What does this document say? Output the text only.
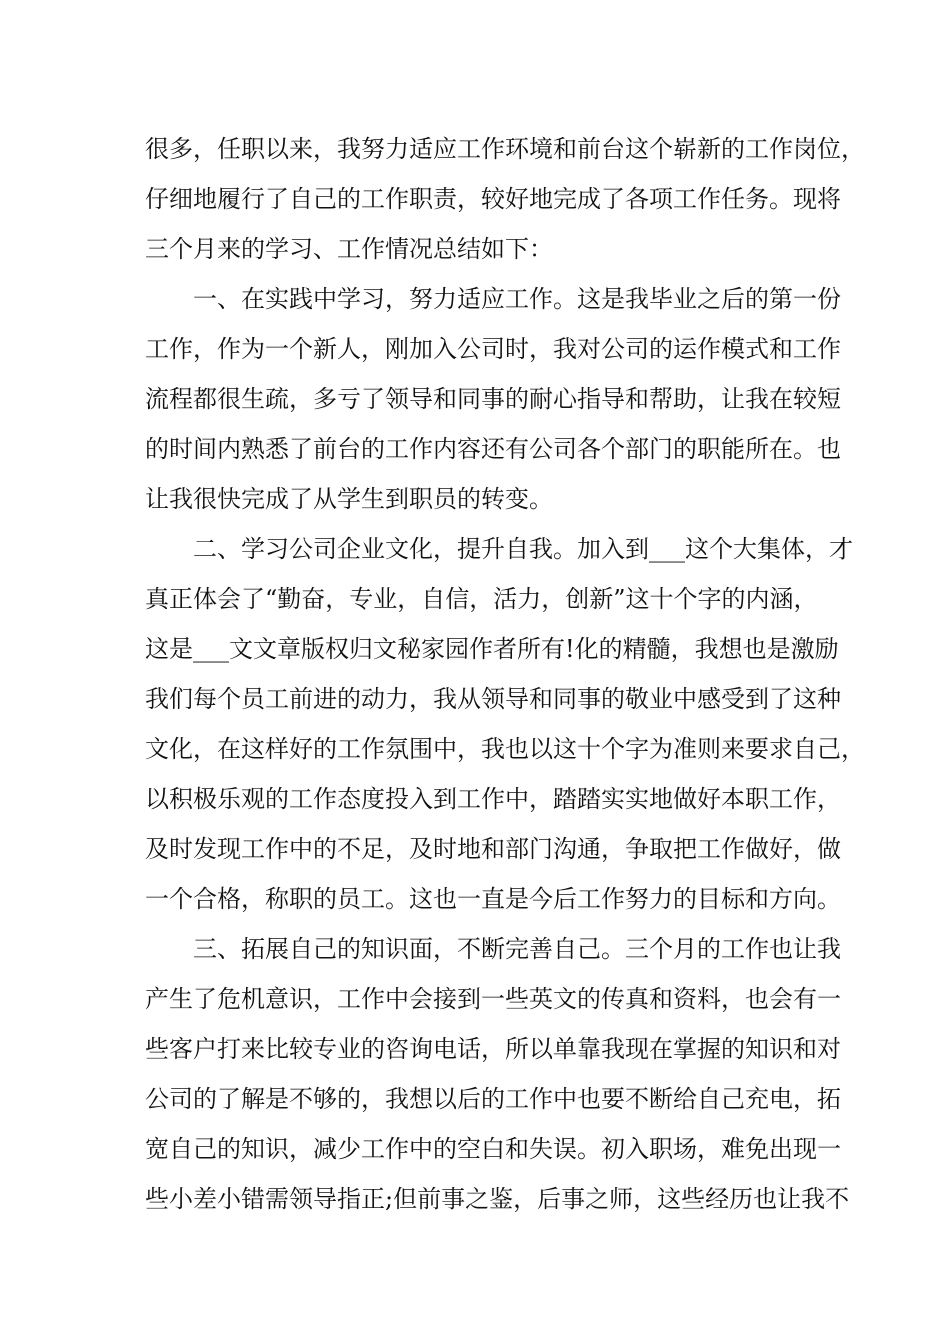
很多，任职以来，我努力适应工作环境和前台这个崭新的工作岗位，
仔细地履行了自己的工作职责，较好地完成了各项工作任务。现将
三个月来的学习、工作情况总结如下：
一、在实践中学习，努力适应工作。这是我毕业之后的第一份
工作，作为一个新人，刚加入公司时，我对公司的运作模式和工作
流程都很生疏，多亏了领导和同事的耐心指导和帮助，让我在较短
的时间内熟悉了前台的工作内容还有公司各个部门的职能所在。也
让我很快完成了从学生到职员的转变。
二、学习公司企业文化，提升自我。加入到___这个大集体，才
真正体会了“勤奋，专业，自信，活力，创新”这十个字的内涵，
这是___文文章版权归文秘家园作者所有!化的精髓，我想也是激励
我们每个员工前进的动力，我从领导和同事的敬业中感受到了这种
文化，在这样好的工作氛围中，我也以这十个字为准则来要求自己，
以积极乐观的工作态度投入到工作中，踏踏实实地做好本职工作，
及时发现工作中的不足，及时地和部门沟通，争取把工作做好，做
一个合格，称职的员工。这也一直是今后工作努力的目标和方向。
三、拓展自己的知识面，不断完善自己。三个月的工作也让我
产生了危机意识，工作中会接到一些英文的传真和资料，也会有一
些客户打来比较专业的咨询电话，所以单靠我现在掌握的知识和对
公司的了解是不够的，我想以后的工作中也要不断给自己充电，拓
宽自己的知识，减少工作中的空白和失误。初入职场，难免出现一
些小差小错需领导指正;但前事之鉴，后事之师，这些经历也让我不
